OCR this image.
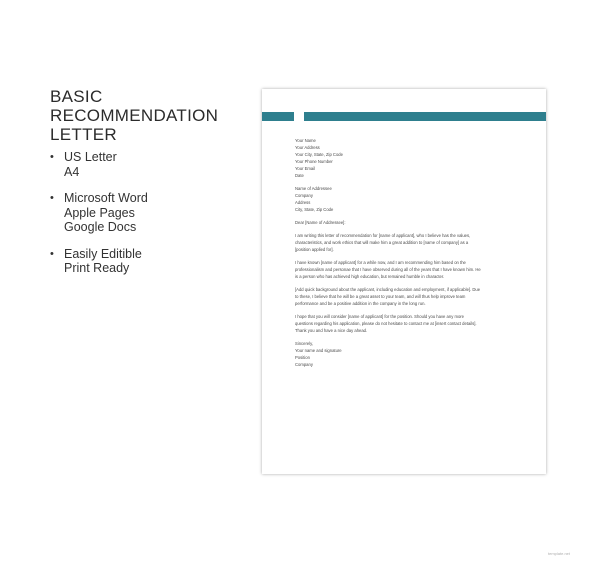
BASIC RECOMMENDATION LETTER
• US Letter
A4
• Microsoft Word
Apple Pages
Google Docs
• Easily Editible
Print Ready
Your Name
Your Address
Your City, State, Zip Code
Your Phone Number
Your Email
Date
Name of Addressee
Company
Address
City, State, Zip Code
Dear [Name of Addressee]:
I am writing this letter of recommendation for [name of applicant], who I believe has the values,
characteristics, and work ethics that will make him a great addition to [name of company] as a
[position applied for].
I have known [name of applicant] for a while now, and I am recommending him based on the
professionalism and personae that I have observed during all of the years that I have known him. He
is a person who has achieved high education, but remained humble in character.
[Add quick background about the applicant, including education and employment, if applicable]. Due
to these, I believe that he will be a great asset to your team, and will thus help improve team
performance and be a positive addition in the company in the long run.
I hope that you will consider [name of applicant] for the position. Should you have any more
questions regarding his application, please do not hesitate to contact me at [insert contact details].
Thank you and have a nice day ahead.
Sincerely,
Your name and signature
Position
Company
template.net
